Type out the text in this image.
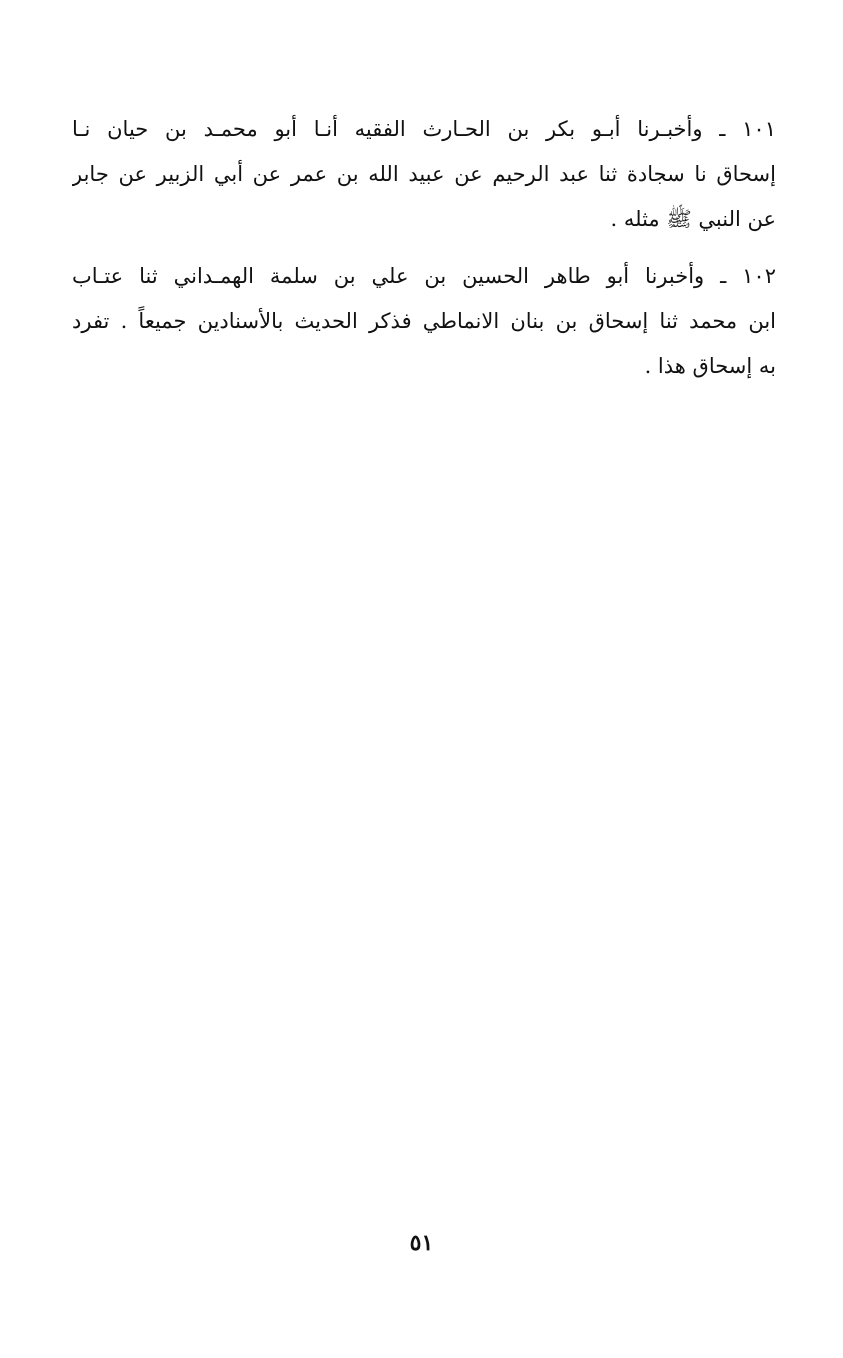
١٠١ ـ وأخبـرنا أبـو بكر بن الحـارث الفقيه أنـا أبو محمـد بن حيان نـا
إسحاق نا سجادة ثنا عبد الرحيم عن عبيد الله بن عمر عن أبي الزبير عن جابر
عن النبي ﷺ مثله .
١٠٢ ـ وأخبرنا أبو طاهر الحسين بن علي بن سلمة الهمـداني ثنا عتـاب
ابن محمد ثنا إسحاق بن بنان الانماطي فذكر الحديث بالأسنادين جميعاً . تفرد
به إسحاق هذا .
٥١
